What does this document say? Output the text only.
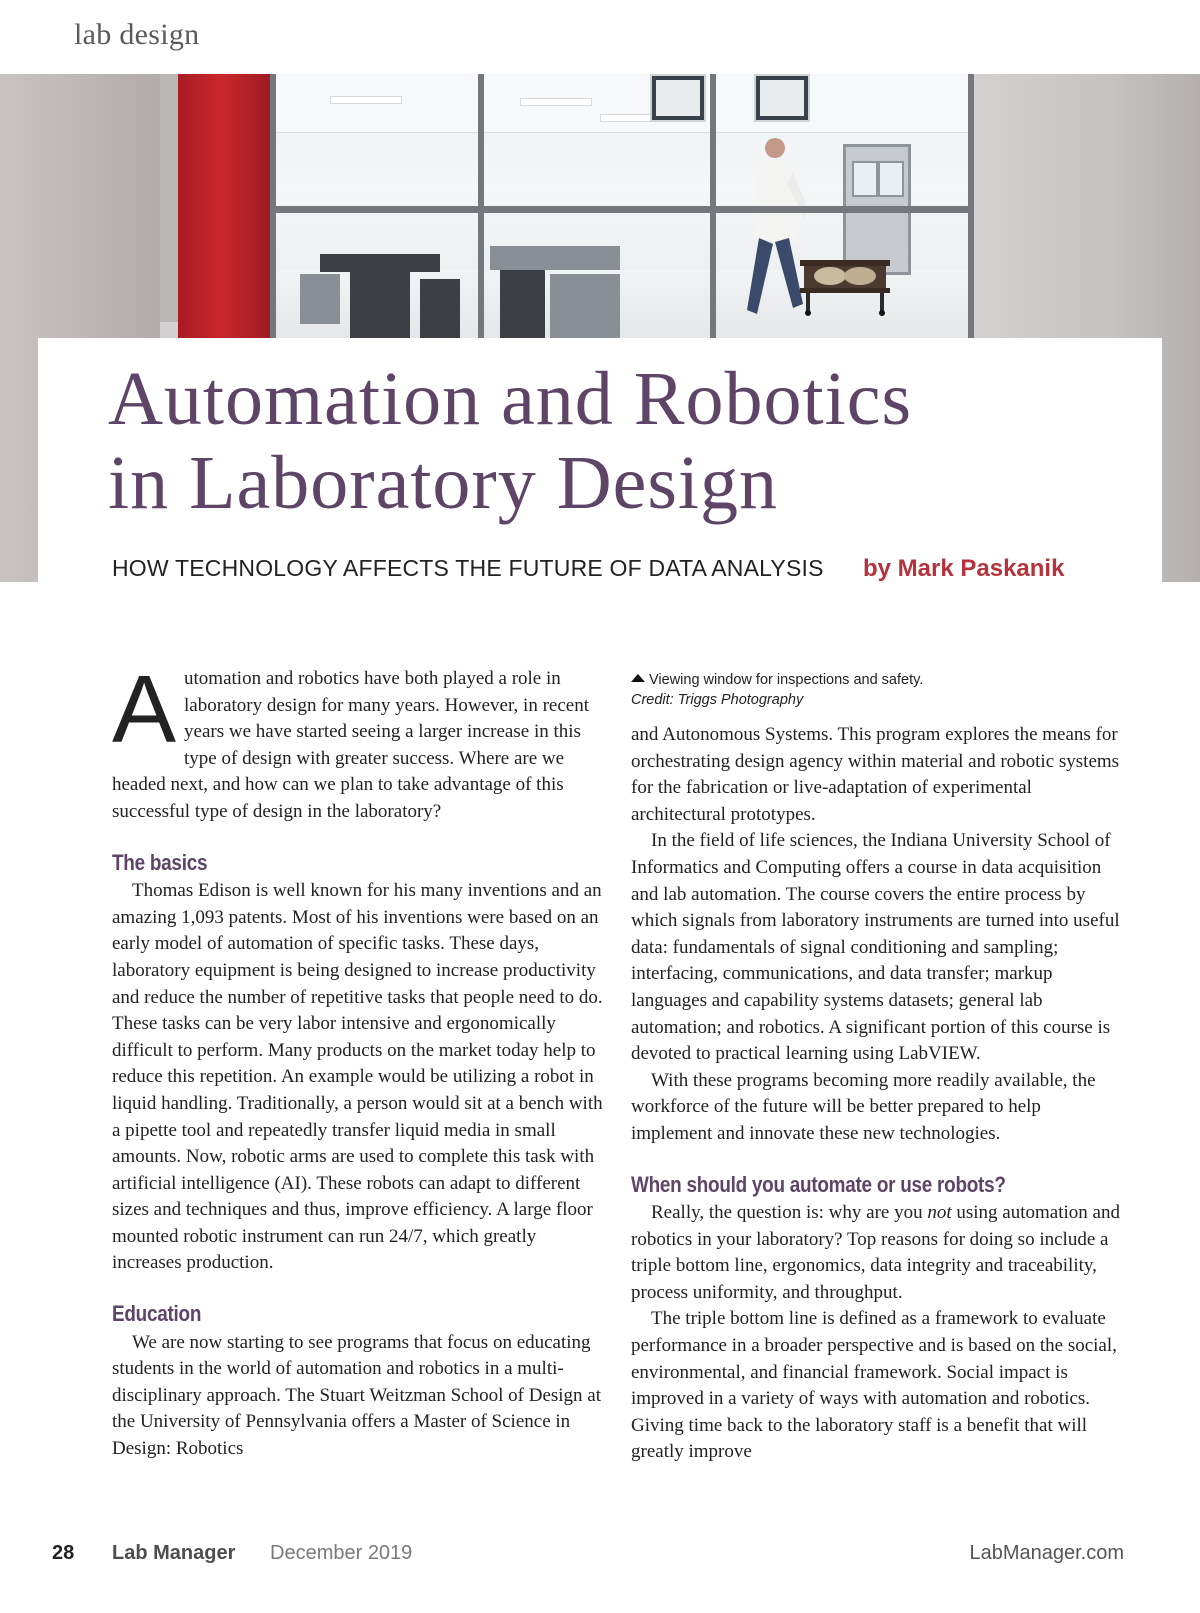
lab design
Automation and Robotics
in Laboratory Design
HOW TECHNOLOGY AFFECTS THE FUTURE OF DATA ANALYSIS by Mark Paskanik

Automation and robotics have both played a role in laboratory design for many years. However, in recent years we have started seeing a larger increase in this type of design with greater success. Where are we headed next, and how can we plan to take advantage of this successful type of design in the laboratory?

The basics

Thomas Edison is well known for his many inventions and an amazing 1,093 patents. Most of his inventions were based on an early model of automation of specific tasks. These days, laboratory equipment is being designed to increase productivity and reduce the number of repetitive tasks that people need to do. These tasks can be very labor intensive and ergonomically difficult to perform. Many products on the market today help to reduce this repetition. An example would be utilizing a robot in liquid handling. Traditionally, a person would sit at a bench with a pipette tool and repeatedly transfer liquid media in small amounts. Now, robotic arms are used to complete this task with artificial intelligence (AI). These robots can adapt to different sizes and techniques and thus, improve efficiency. A large floor mounted robotic instrument can run 24/7, which greatly increases production.

Education

We are now starting to see programs that focus on educating students in the world of automation and robotics in a multi-disciplinary approach. The Stuart Weitzman School of Design at the University of Pennsylvania offers a Master of Science in Design: Robotics

Viewing window for inspections and safety.
Credit: Triggs Photography

and Autonomous Systems. This program explores the means for orchestrating design agency within material and robotic systems for the fabrication or live-adaptation of experimental architectural prototypes.

In the field of life sciences, the Indiana University School of Informatics and Computing offers a course in data acquisition and lab automation. The course covers the entire process by which signals from laboratory instruments are turned into useful data: fundamentals of signal conditioning and sampling; interfacing, communications, and data transfer; markup languages and capability systems datasets; general lab automation; and robotics. A significant portion of this course is devoted to practical learning using LabVIEW.

With these programs becoming more readily available, the workforce of the future will be better prepared to help implement and innovate these new technologies.

When should you automate or use robots?

Really, the question is: why are you not using automation and robotics in your laboratory? Top reasons for doing so include a triple bottom line, ergonomics, data integrity and traceability, process uniformity, and throughput.

The triple bottom line is defined as a framework to evaluate performance in a broader perspective and is based on the social, environmental, and financial framework. Social impact is improved in a variety of ways with automation and robotics. Giving time back to the laboratory staff is a benefit that will greatly improve

28 Lab Manager December 2019	LabManager.com
